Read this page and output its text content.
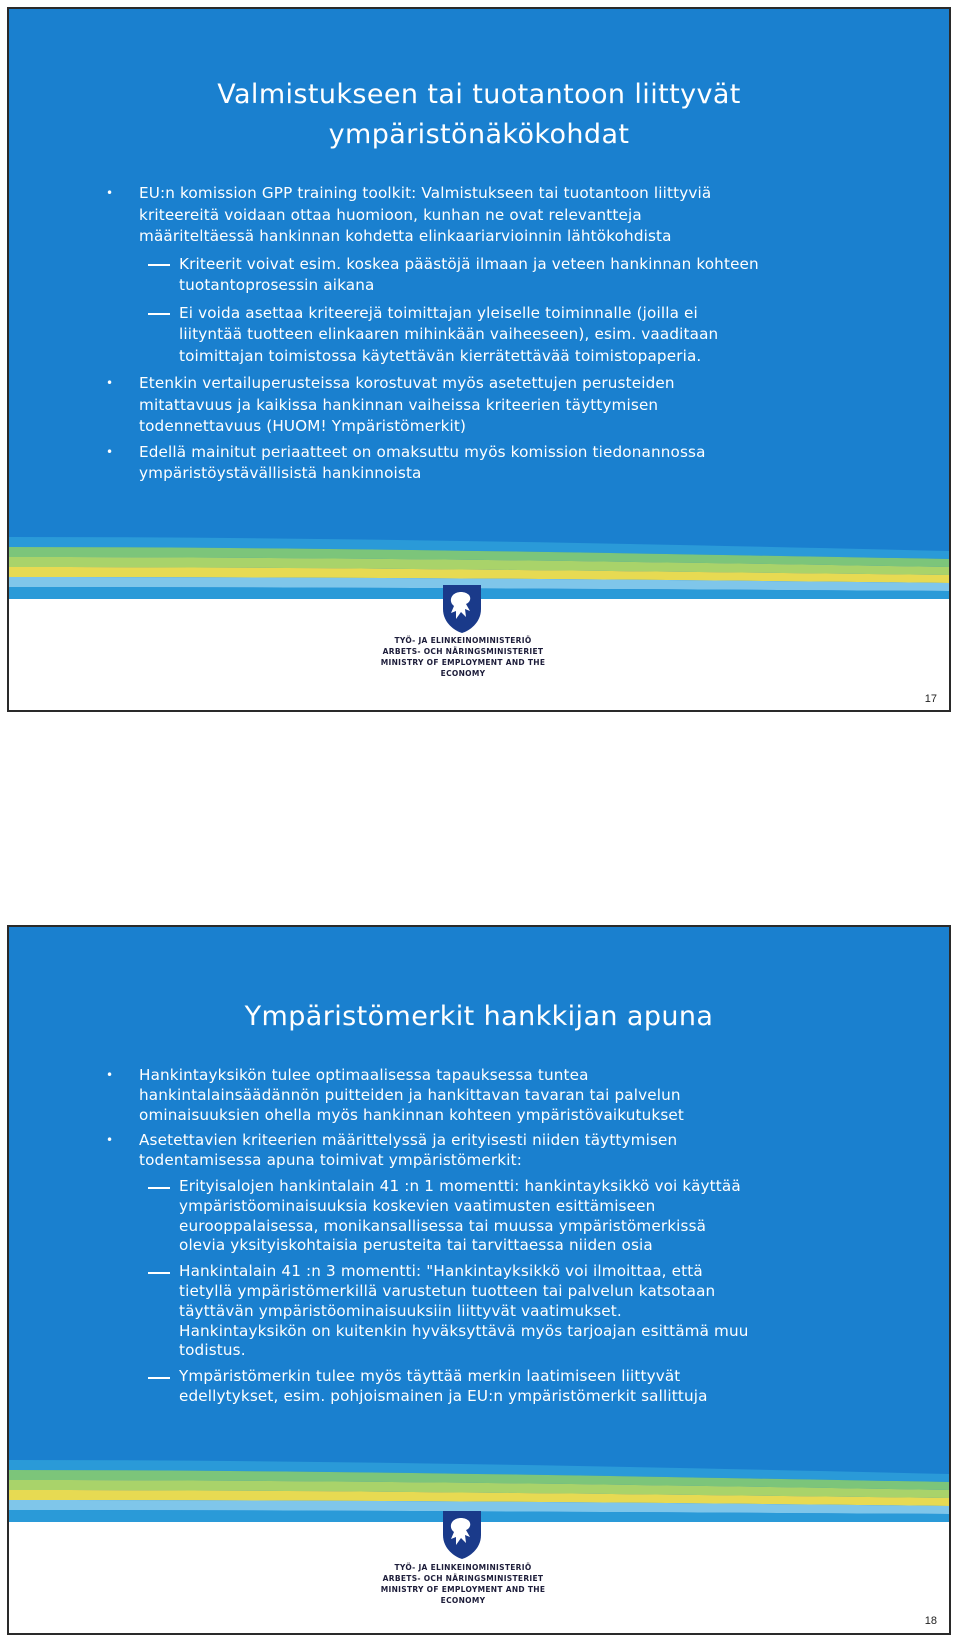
Valmistukseen tai tuotantoon liittyvät
ympäristönäkökohdat
• EU:n komission GPP training toolkit: Valmistukseen tai tuotantoon liittyviä kriteereitä voidaan ottaa huomioon, kunhan ne ovat relevantteja määriteltäessä hankinnan kohdetta elinkaariarvioinnin lähtökohdista
Kriteerit voivat esim. koskea päästöjä ilmaan ja veteen hankinnan kohteen tuotantoprosessin aikana
Ei voida asettaa kriteerejä toimittajan yleiselle toiminnalle (joilla ei liityntää tuotteen elinkaaren mihinkään vaiheeseen), esim. vaaditaan toimittajan toimistossa käytettävän kierrätettävää toimistopaperia.
• Etenkin vertailuperusteissa korostuvat myös asetettujen perusteiden mitattavuus ja kaikissa hankinnan vaiheissa kriteerien täyttymisen todennettavuus (HUOM! Ympäristömerkit)
• Edellä mainitut periaatteet on omaksuttu myös komission tiedonannossa ympäristöystävällisistä hankinnoista
TYÖ- JA ELINKEINOMINISTERIÖ
ARBETS- OCH NÄRINGSMINISTERIET
MINISTRY OF EMPLOYMENT AND THE ECONOMY
17
Ympäristömerkit hankkijan apuna
• Hankintayksikön tulee optimaalisessa tapauksessa tuntea hankintalainsäädännön puitteiden ja hankittavan tavaran tai palvelun ominaisuuksien ohella myös hankinnan kohteen ympäristövaikutukset
• Asetettavien kriteerien määrittelyssä ja erityisesti niiden täyttymisen todentamisessa apuna toimivat ympäristömerkit:
Erityisalojen hankintalain 41 :n 1 momentti: hankintayksikkö voi käyttää ympäristöominaisuuksia koskevien vaatimusten esittämiseen eurooppalaisessa, monikansallisessa tai muussa ympäristömerkissä olevia yksityiskohtaisia perusteita tai tarvittaessa niiden osia
Hankintalain 41 :n 3 momentti: "Hankintayksikkö voi ilmoittaa, että tietyllä ympäristömerkillä varustetun tuotteen tai palvelun katsotaan täyttävän ympäristöominaisuuksiin liittyvät vaatimukset. Hankintayksikön on kuitenkin hyväksyttävä myös tarjoajan esittämä muu todistus.
Ympäristömerkin tulee myös täyttää merkin laatimiseen liittyvät edellytykset, esim. pohjoismainen ja EU:n ympäristömerkit sallittuja
TYÖ- JA ELINKEINOMINISTERIÖ
ARBETS- OCH NÄRINGSMINISTERIET
MINISTRY OF EMPLOYMENT AND THE ECONOMY
18
